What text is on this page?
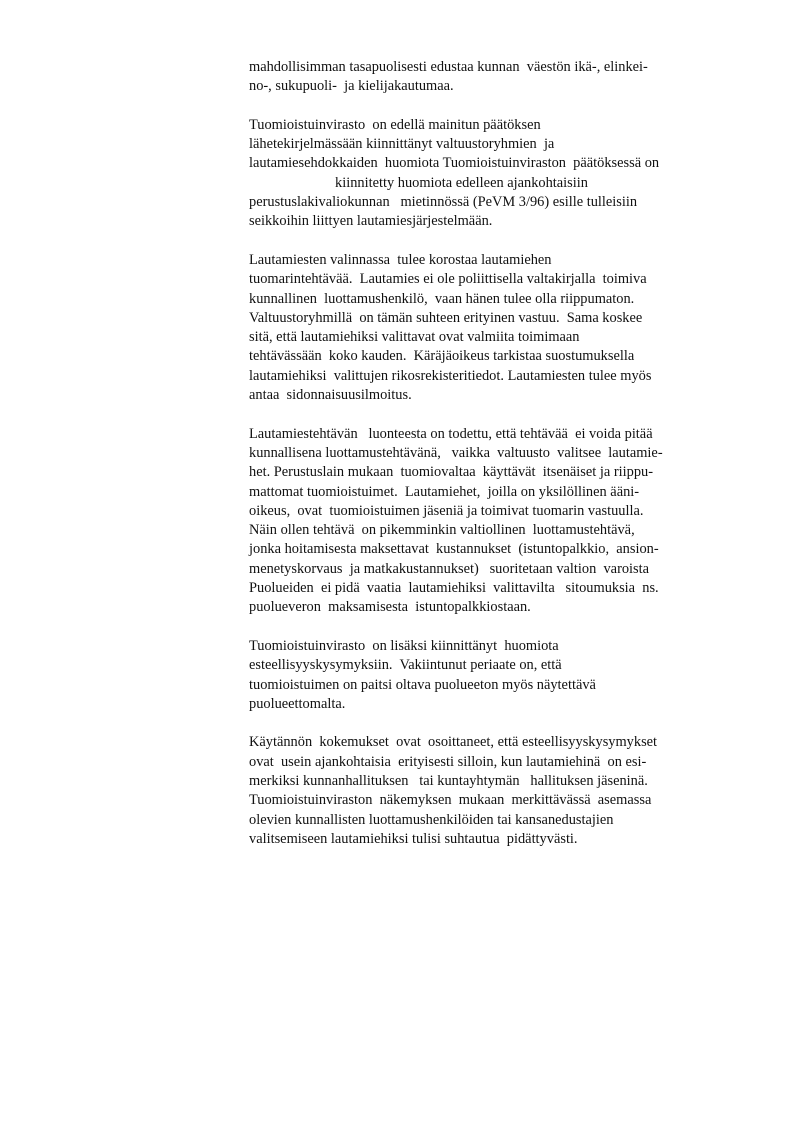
mahdollisimman tasapuolisesti edustaa kunnan  väestön ikä-, elinkei-
no-, sukupuoli-  ja kielijakautumaa.

Tuomioistuinvirasto  on edellä mainitun päätöksen
lähetekirjelmässään kiinnittänyt valtuustoryhmien  ja
lautamiesehdokkaiden  huomiota Tuomioistuinviraston  päätöksessä on
kiinnitetty huomiota edelleen ajankohtaisiin
perustuslakivaliokunnan   mietinnössä (PeVM 3/96) esille tulleisiin
seikkoihin liittyen lautamiesjärjestelmään.

Lautamiesten valinnassa  tulee korostaa lautamiehen
tuomarintehtävää.  Lautamies ei ole poliittisella valtakirjalla  toimiva
kunnallinen  luottamushenkilö,  vaan hänen tulee olla riippumaton.
Valtuustoryhmillä  on tämän suhteen erityinen vastuu.  Sama koskee
sitä, että lautamiehiksi valittavat ovat valmiita toimimaan
tehtävässään  koko kauden.  Käräjäoikeus tarkistaa suostumuksella
lautamiehiksi  valittujen rikosrekisteritiedot. Lautamiesten tulee myös
antaa  sidonnaisuusilmoitus.

Lautamiestehtävän   luonteesta on todettu, että tehtävää  ei voida pitää
kunnallisena luottamustehtävänä,   vaikka  valtuusto  valitsee  lautamie-
het. Perustuslain mukaan  tuomiovaltaa  käyttävät  itsenäiset ja riippu-
mattomat tuomioistuimet.  Lautamiehet,  joilla on yksilöllinen ääni-
oikeus,  ovat  tuomioistuimen jäseniä ja toimivat tuomarin vastuulla.
Näin ollen tehtävä  on pikemminkin valtiollinen  luottamustehtävä,
jonka hoitamisesta maksettavat  kustannukset  (istuntopalkkio,  ansion-
menetyskorvaus  ja matkakustannukset)   suoritetaan valtion  varoista
Puolueiden  ei pidä  vaatia  lautamiehiksi  valittavilta   sitoumuksia  ns.
puolueveron  maksamisesta  istuntopalkkiostaan.

Tuomioistuinvirasto  on lisäksi kiinnittänyt  huomiota
esteellisyyskysymyksiin.  Vakiintunut periaate on, että
tuomioistuimen on paitsi oltava puolueeton myös näytettävä
puolueettomalta.

Käytännön  kokemukset  ovat  osoittaneet, että esteellisyyskysymykset
ovat  usein ajankohtaisia  erityisesti silloin, kun lautamiehinä  on esi-
merkiksi kunnanhallituksen   tai kuntayhtymän   hallituksen jäseninä.
Tuomioistuinviraston  näkemyksen  mukaan  merkittävässä  asemassa
olevien kunnallisten luottamushenkilöiden tai kansanedustajien
valitsemiseen lautamiehiksi tulisi suhtautua  pidättyvästi.
